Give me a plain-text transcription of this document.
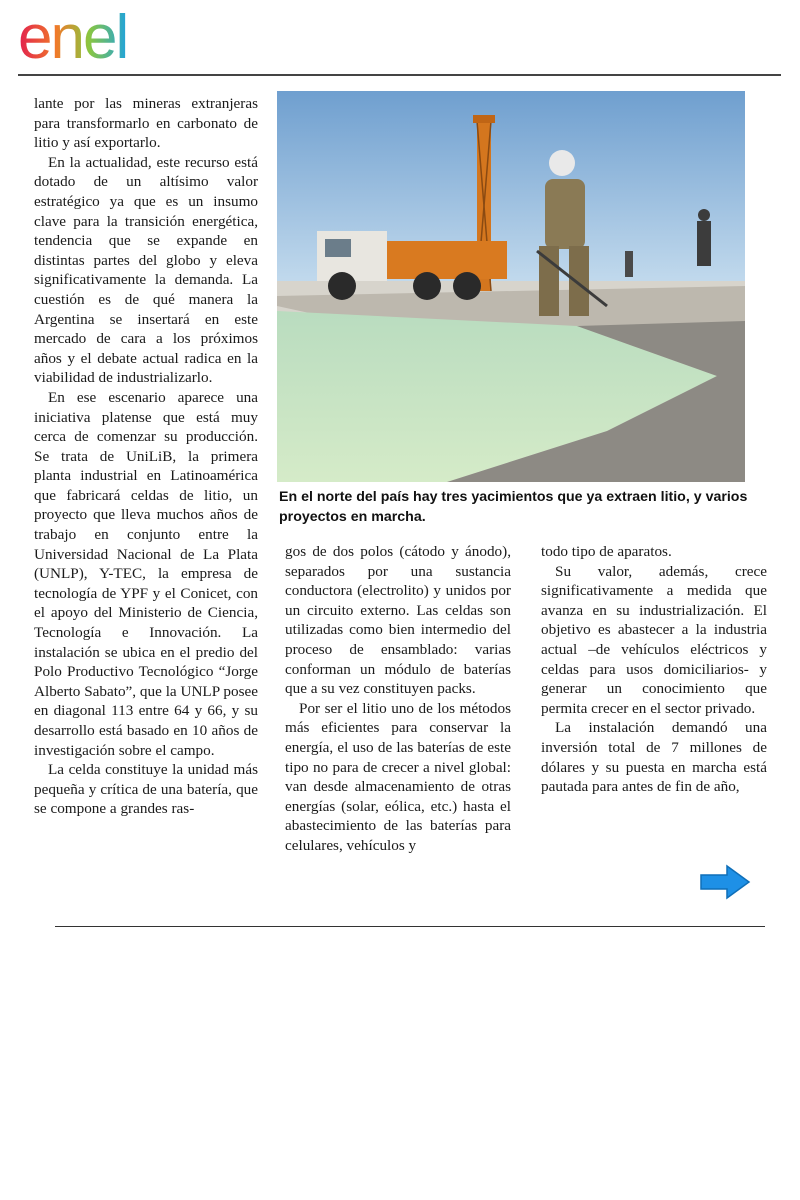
enel

lante por las mineras extranjeras para transformarlo en carbonato de litio y así exportarlo.

En la actualidad, este recurso está dotado de un altísimo valor estratégico ya que es un insumo clave para la transición energética, tendencia que se expande en distintas partes del globo y eleva significativamente la demanda. La cuestión es de qué manera la Argentina se insertará en este mercado de cara a los próximos años y el debate actual radica en la viabilidad de industrializarlo.

En ese escenario aparece una iniciativa platense que está muy cerca de comenzar su producción. Se trata de UniLiB, la primera planta industrial en Latinoamérica que fabricará celdas de litio, un proyecto que lleva muchos años de trabajo en conjunto entre la Universidad Nacional de La Plata (UNLP), Y-TEC, la empresa de tecnología de YPF y el Conicet, con el apoyo del Ministerio de Ciencia, Tecnología e Innovación. La instalación se ubica en el predio del Polo Productivo Tecnológico “Jorge Alberto Sabato”, que la UNLP posee en diagonal 113 entre 64 y 66, y su desarrollo está basado en 10 años de investigación sobre el campo.

La celda constituye la unidad más pequeña y crítica de una batería, que se compone a grandes ras-

En el norte del país hay tres yacimientos que ya extraen litio, y varios proyectos en marcha.

gos de dos polos (cátodo y ánodo), separados por una sustancia conductora (electrolito) y unidos por un circuito externo. Las celdas son utilizadas como bien intermedio del proceso de ensamblado: varias conforman un módulo de baterías que a su vez constituyen packs.

Por ser el litio uno de los métodos más eficientes para conservar la energía, el uso de las baterías de este tipo no para de crecer a nivel global: van desde almacenamiento de otras energías (solar, eólica, etc.) hasta el abastecimiento de las baterías para celulares, vehículos y

todo tipo de aparatos.

Su valor, además, crece significativamente a medida que avanza en su industrialización. El objetivo es abastecer a la industria actual –de vehículos eléctricos y celdas para usos domiciliarios- y generar un conocimiento que permita crecer en el sector privado.

La instalación demandó una inversión total de 7 millones de dólares y su puesta en marcha está pautada para antes de fin de año,
